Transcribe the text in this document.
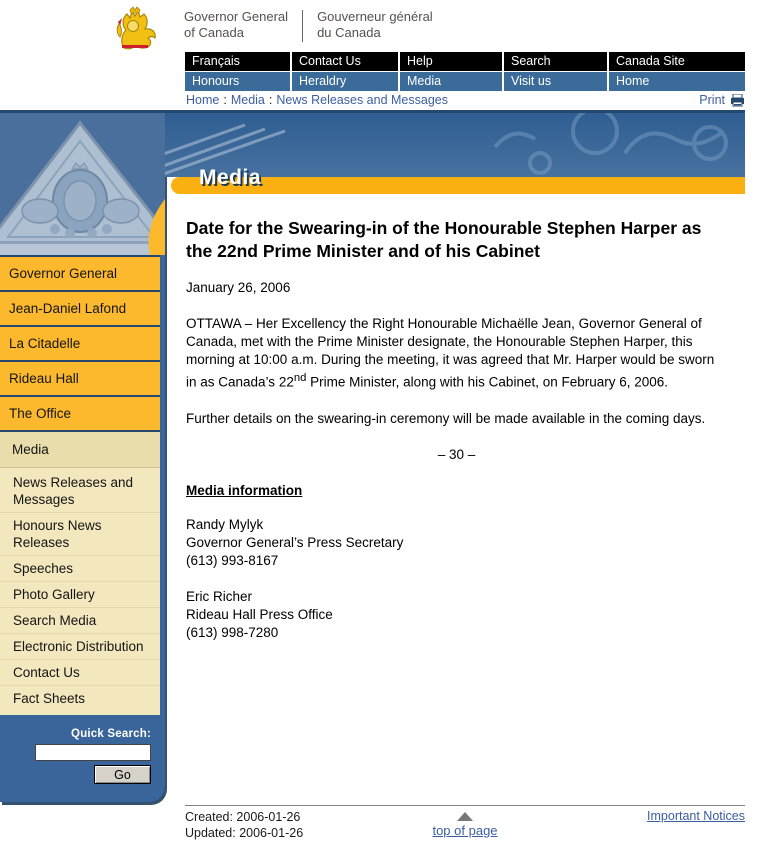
Governor General
of Canada
Gouverneur général
du Canada
Français	Contact Us	Help	Search	Canada Site
Honours	Heraldry	Media	Visit us	Home
Home : Media : News Releases and Messages	Print
Governor General
Jean-Daniel Lafond
La Citadelle
Rideau Hall
The Office
Media
News Releases and Messages
Honours News Releases
Speeches
Photo Gallery
Search Media
Electronic Distribution
Contact Us
Fact Sheets
Quick Search:
Go
Media
Date for the Swearing-in of the Honourable Stephen Harper as the 22nd Prime Minister and of his Cabinet

January 26, 2006

OTTAWA – Her Excellency the Right Honourable Michaëlle Jean, Governor General of Canada, met with the Prime Minister designate, the Honourable Stephen Harper, this morning at 10:00 a.m. During the meeting, it was agreed that Mr. Harper would be sworn in as Canada’s 22nd Prime Minister, along with his Cabinet, on February 6, 2006.

Further details on the swearing-in ceremony will be made available in the coming days.

– 30 –

Media information
Randy Mylyk
Governor General’s Press Secretary
(613) 993-8167
Eric Richer
Rideau Hall Press Office
(613) 998-7280
Created: 2006-01-26
Updated: 2006-01-26	top of page
Important Notices
